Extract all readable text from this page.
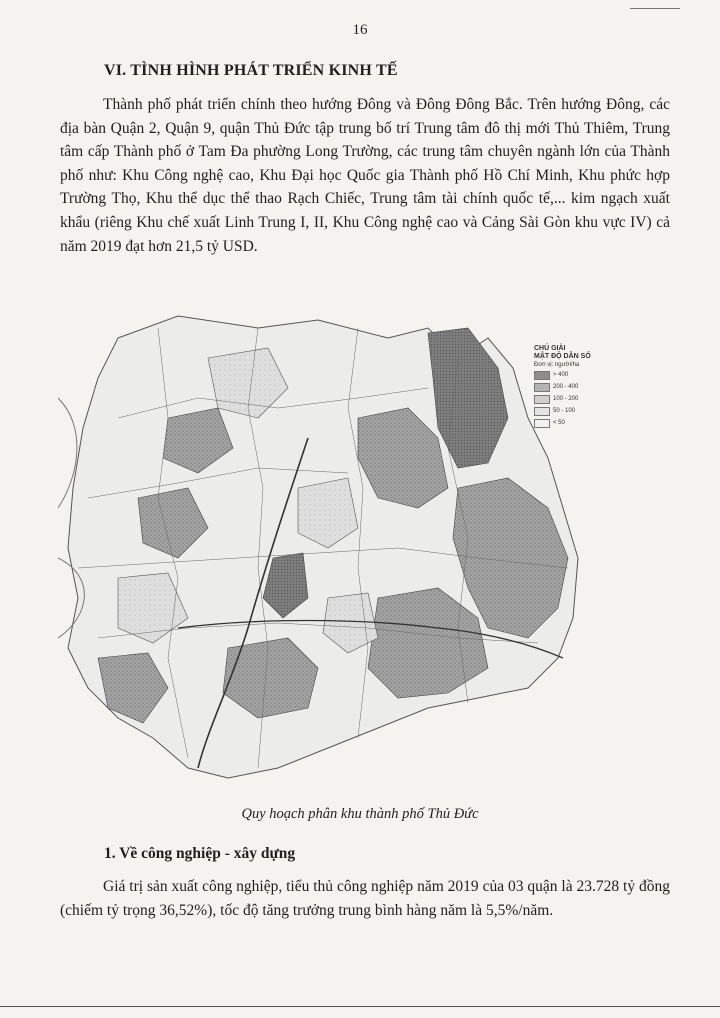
16
VI. TÌNH HÌNH PHÁT TRIỂN KINH TẾ

Thành phố phát triển chính theo hướng Đông và Đông Đông Bắc. Trên hướng Đông, các địa bàn Quận 2, Quận 9, quận Thủ Đức tập trung bố trí Trung tâm đô thị mới Thủ Thiêm, Trung tâm cấp Thành phố ở Tam Đa phường Long Trường, các trung tâm chuyên ngành lớn của Thành phố như: Khu Công nghệ cao, Khu Đại học Quốc gia Thành phố Hồ Chí Minh, Khu phức hợp Trường Thọ, Khu thể dục thể thao Rạch Chiếc, Trung tâm tài chính quốc tế,... kim ngạch xuất khẩu (riêng Khu chế xuất Linh Trung I, II, Khu Công nghệ cao và Cảng Sài Gòn khu vực IV) cả năm 2019 đạt hơn 21,5 tỷ USD.

CHÚ GIẢI
MẬT ĐỘ DÂN SỐ
Đơn vị: người/ha
> 400
200 - 400
100 - 200
50 - 100
< 50
Quy hoạch phân khu thành phố Thủ Đức
1. Về công nghiệp - xây dựng

Giá trị sản xuất công nghiệp, tiểu thủ công nghiệp năm 2019 của 03 quận là 23.728 tỷ đồng (chiếm tỷ trọng 36,52%), tốc độ tăng trưởng trung bình hàng năm là 5,5%/năm.
